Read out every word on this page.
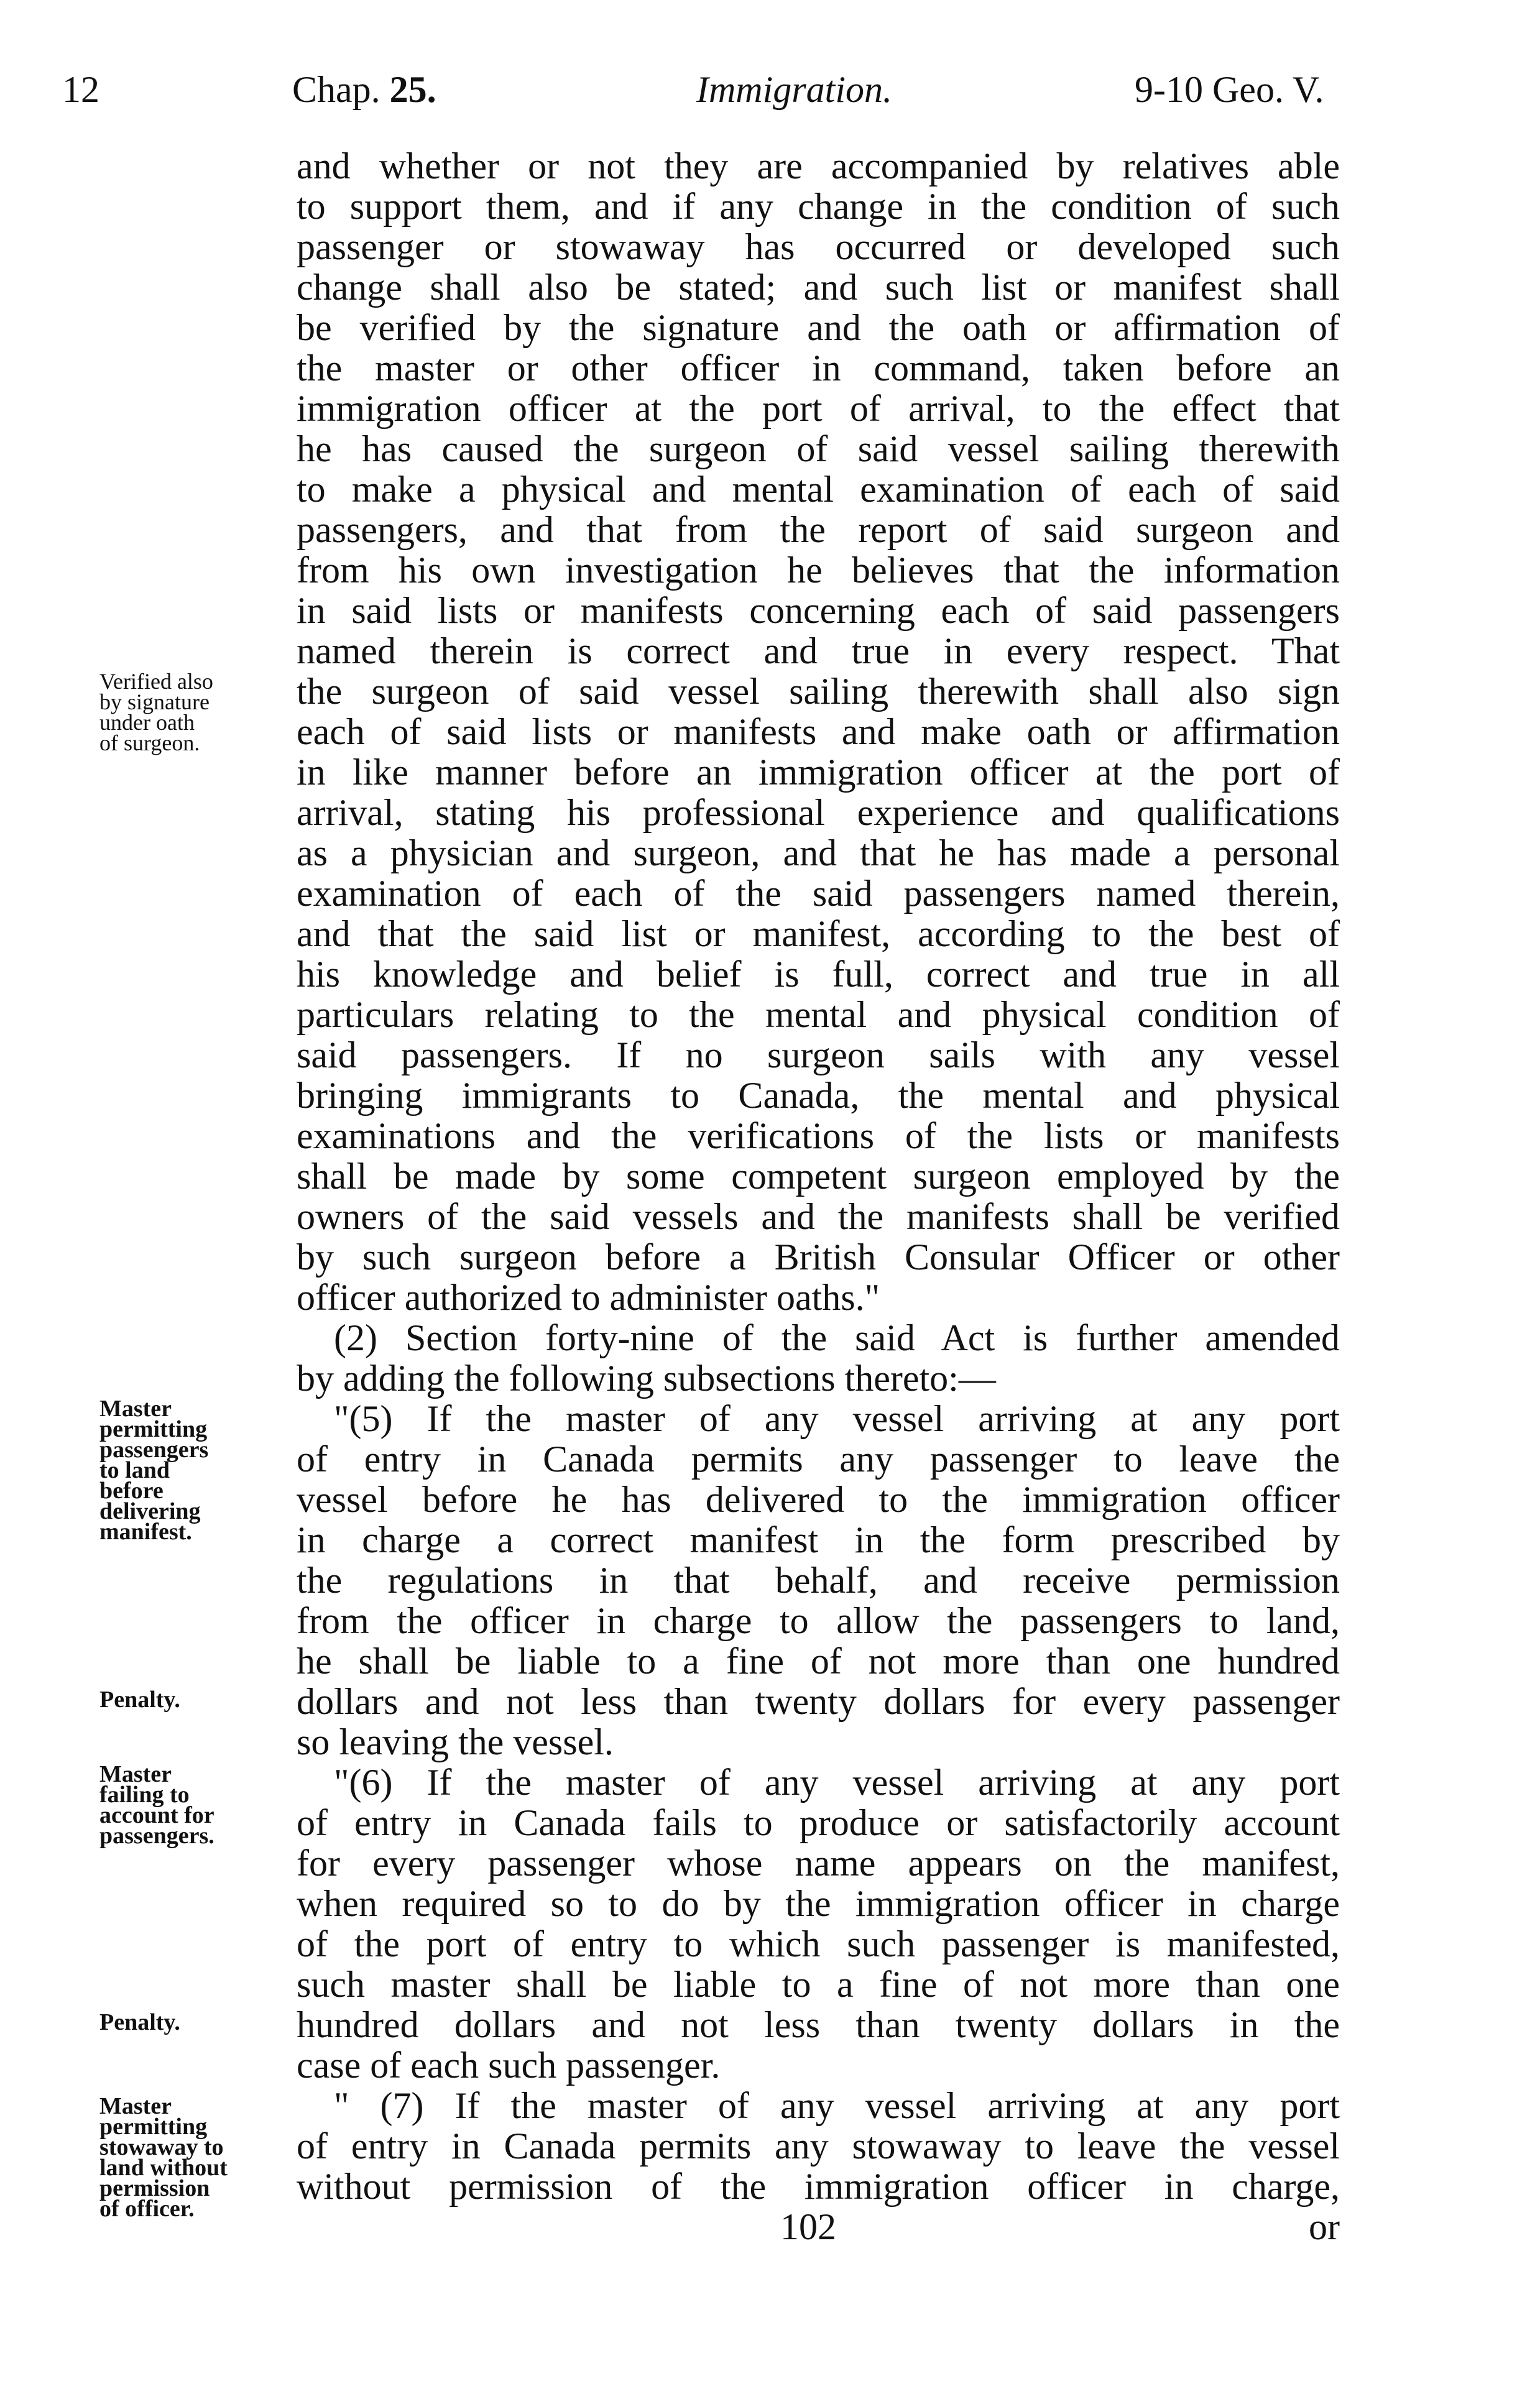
12	Chap. 25.	Immigration.	9-10 Geo. V.
and whether or not they are accompanied by relatives able
to support them, and if any change in the condition of such
passenger or stowaway has occurred or developed such
change shall also be stated; and such list or manifest shall
be verified by the signature and the oath or affirmation of
the master or other officer in command, taken before an
immigration officer at the port of arrival, to the effect that
he has caused the surgeon of said vessel sailing therewith
to make a physical and mental examination of each of said
passengers, and that from the report of said surgeon and
from his own investigation he believes that the information
in said lists or manifests concerning each of said passengers
named therein is correct and true in every respect. That
the surgeon of said vessel sailing therewith shall also sign
each of said lists or manifests and make oath or affirmation
in like manner before an immigration officer at the port of
arrival, stating his professional experience and qualifications
as a physician and surgeon, and that he has made a personal
examination of each of the said passengers named therein,
and that the said list or manifest, according to the best of
his knowledge and belief is full, correct and true in all
particulars relating to the mental and physical condition of
said passengers. If no surgeon sails with any vessel
bringing immigrants to Canada, the mental and physical
examinations and the verifications of the lists or manifests
shall be made by some competent surgeon employed by the
owners of the said vessels and the manifests shall be verified
by such surgeon before a British Consular Officer or other
officer authorized to administer oaths."
(2) Section forty-nine of the said Act is further amended
by adding the following subsections thereto:—
"(5) If the master of any vessel arriving at any port
of entry in Canada permits any passenger to leave the
vessel before he has delivered to the immigration officer
in charge a correct manifest in the form prescribed by
the regulations in that behalf, and receive permission
from the officer in charge to allow the passengers to land,
he shall be liable to a fine of not more than one hundred
dollars and not less than twenty dollars for every passenger
so leaving the vessel.
"(6) If the master of any vessel arriving at any port
of entry in Canada fails to produce or satisfactorily account
for every passenger whose name appears on the manifest,
when required so to do by the immigration officer in charge
of the port of entry to which such passenger is manifested,
such master shall be liable to a fine of not more than one
hundred dollars and not less than twenty dollars in the
case of each such passenger.
" (7) If the master of any vessel arriving at any port
of entry in Canada permits any stowaway to leave the vessel
without permission of the immigration officer in charge,
102	or
Verified also
by signature
under oath
of surgeon.
Master
permitting
passengers
to land
before
delivering
manifest.
Penalty.
Master
failing to
account for
passengers.
Penalty.
Master
permitting
stowaway to
land without
permission
of officer.
